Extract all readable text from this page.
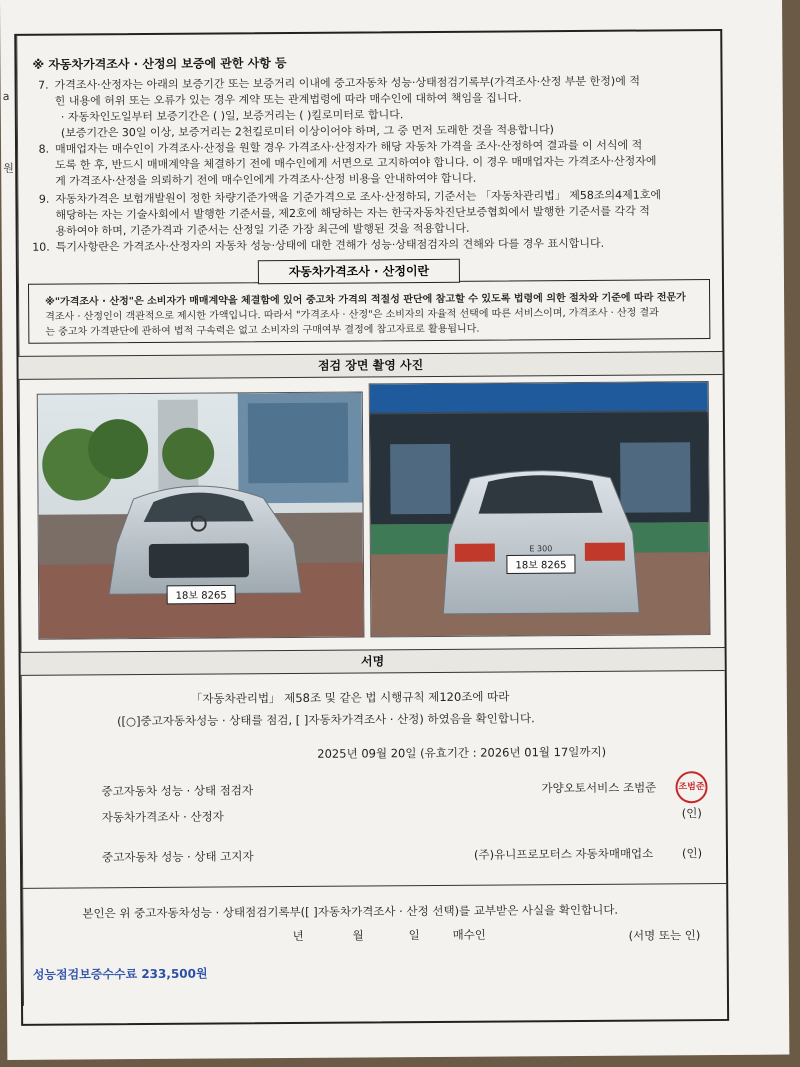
a
원
※ 자동차가격조사 · 산정의 보증에 관한 사항 등
7. 가격조사·산정자는 아래의 보증기간 또는 보증거리 이내에 중고자동차 성능·상태점검기록부(가격조사·산정 부분 한정)에 적
힌 내용에 허위 또는 오류가 있는 경우 계약 또는 관계법령에 따라 매수인에 대하여 책임을 집니다.
· 자동차인도일부터 보증기간은 ( )일, 보증거리는 ( )킬로미터로 합니다.
(보증기간은 30일 이상, 보증거리는 2천킬로미터 이상이어야 하며, 그 중 먼저 도래한 것을 적용합니다)
8. 매매업자는 매수인이 가격조사·산정을 원할 경우 가격조사·산정자가 해당 자동차 가격을 조사·산정하여 결과를 이 서식에 적
도록 한 후, 반드시 매매계약을 체결하기 전에 매수인에게 서면으로 고지하여야 합니다. 이 경우 매매업자는 가격조사·산정자에
게 가격조사·산정을 의뢰하기 전에 매수인에게 가격조사·산정 비용을 안내하여야 합니다.
9. 자동차가격은 보험개발원이 정한 차량기준가액을 기준가격으로 조사·산정하되, 기준서는 「자동차관리법」 제58조의4제1호에
해당하는 자는 기술사회에서 발행한 기준서를, 제2호에 해당하는 자는 한국자동차진단보증협회에서 발행한 기준서를 각각 적
용하여야 하며, 기준가격과 기준서는 산정일 기준 가장 최근에 발행된 것을 적용합니다.
10. 특기사항란은 가격조사·산정자의 자동차 성능·상태에 대한 견해가 성능·상태점검자의 견해와 다를 경우 표시합니다.
※"가격조사 · 산정"은 소비자가 매매계약을 체결함에 있어 중고차 가격의 적절성 판단에 참고할 수 있도록 법령에 의한 절차와 기준에 따라 전문가
격조사 · 산정인이 객관적으로 제시한 가액입니다. 따라서 "가격조사 · 산정"은 소비자의 자율적 선택에 따른 서비스이며, 가격조사 · 산정 결과
는 중고차 가격판단에 관하여 법적 구속력은 없고 소비자의 구매여부 결정에 참고자료로 활용됩니다.
자동차가격조사 · 산정이란
점검 장면 촬영 사진
18보 8265
E 300
18보 8265
서명
「자동차관리법」 제58조 및 같은 법 시행규칙 제120조에 따라
([○]중고자동차성능 · 상태를 점검, [ ]자동차가격조사 · 산정) 하였음을 확인합니다.
2025년 09월 20일 (유효기간 : 2026년 01월 17일까지)
중고자동차 성능 · 상태 점검자	가양오토서비스 조범준 조범준
자동차가격조사 · 산정자	(인)
중고자동차 성능 · 상태 고지자	(주)유니프로모터스 자동차매매업소 (인)
본인은 위 중고자동차성능 · 상태점검기록부([ ]자동차가격조사 · 산정 선택)를 교부받은 사실을 확인합니다.
년	월	일	매수인	(서명 또는 인)
성능점검보증수수료 233,500원
